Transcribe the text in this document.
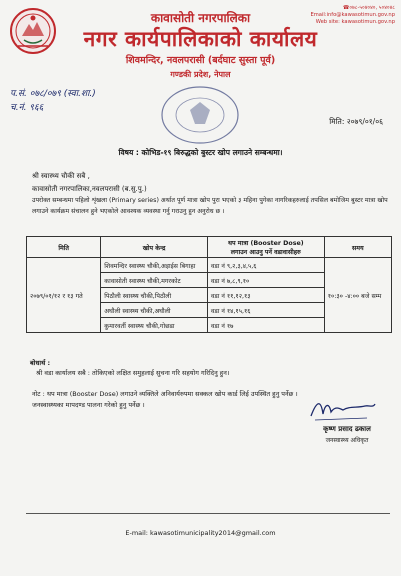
☎०७८-५०४०४०, ५०४०४८
Email:info@kawasotimun.gov.np
Web site: kawasotimun.gov.np
कावासोती नगरपालिका
नगर कार्यपालिकाको कार्यालय
शिवमन्दिर, नवलपरासी (बर्दघाट सुस्ता पूर्व)
गण्डकी प्रदेश, नेपाल
प.सं. ०७८/०७९ (स्वा.शा.)
च.नं. ९६६
मिति: २०७९/०१/०६
विषय : कोभिड-१९ बिरुद्धको बुस्टर खोप लगाउने सम्बन्धमा।
श्री स्वास्थ्य चौकी सबै ,
कावासोती नगरपालिका,नवलपरासी (ब.सु.पु.)
उपरोक्त सम्बन्धमा पहिलो शृंखला (Primary series) अर्थात पूर्ण मात्रा खोप पुरा भएको ३ महिना पुगेका नागरिकहरुलाई तपसिल बमोजिम बुस्टर मात्रा खोप लगाउने कार्यक्रम संचालन हुने भएकोले आवश्यक व्यवस्था गर्नु गराउनु हुन अनुरोध छ ।
मिति	खोप केन्द्र	थप मात्रा (Booster Dose)
लगाउन आउनु पर्ने वडावासीहरु	समय
२०७९/०१/१२ र १३ गते	शिवमन्दिर स्वास्थ्य चौकी,अइाईस बिगाहा	वडा नं ९,२,३,४,५,६	१०:३० -४:०० बजे सम्म
	कावासोती स्वास्थ्य चौकी,मगरकोट	वडा नं ७,८,९,१०	
	पिठौली स्वास्थ्य चौकी,पिठौली	वडा नं ११,१२,१३	
	अघौली स्वास्थ्य चौकी,अघौली	वडा नं १४,१५,१६	
	कुमारवर्ती स्वास्थ्य चौकी,गोछडा	वडा नं १७	
बोधार्थ :
श्री वडा कार्यालय सबै : तोकिएको लक्षित समुहलाई सुचना गरि सहयोग गरिदिनु हुन।
नोट : थप मात्रा (Booster Dose) लगाउने व्यक्तिले अनिवार्यरुपमा सक्कल खोप कार्ड लिई उपस्थित हुनु पर्नेछ ।
जनस्वास्थ्यका मापदण्ड पालना गरेको हुनु पर्नेछ ।
कृष्ण प्रसाद ढकाल
जनस्वास्थ्य अधिकृत
E-mail: kawasotimunicipality2014@gmail.com
